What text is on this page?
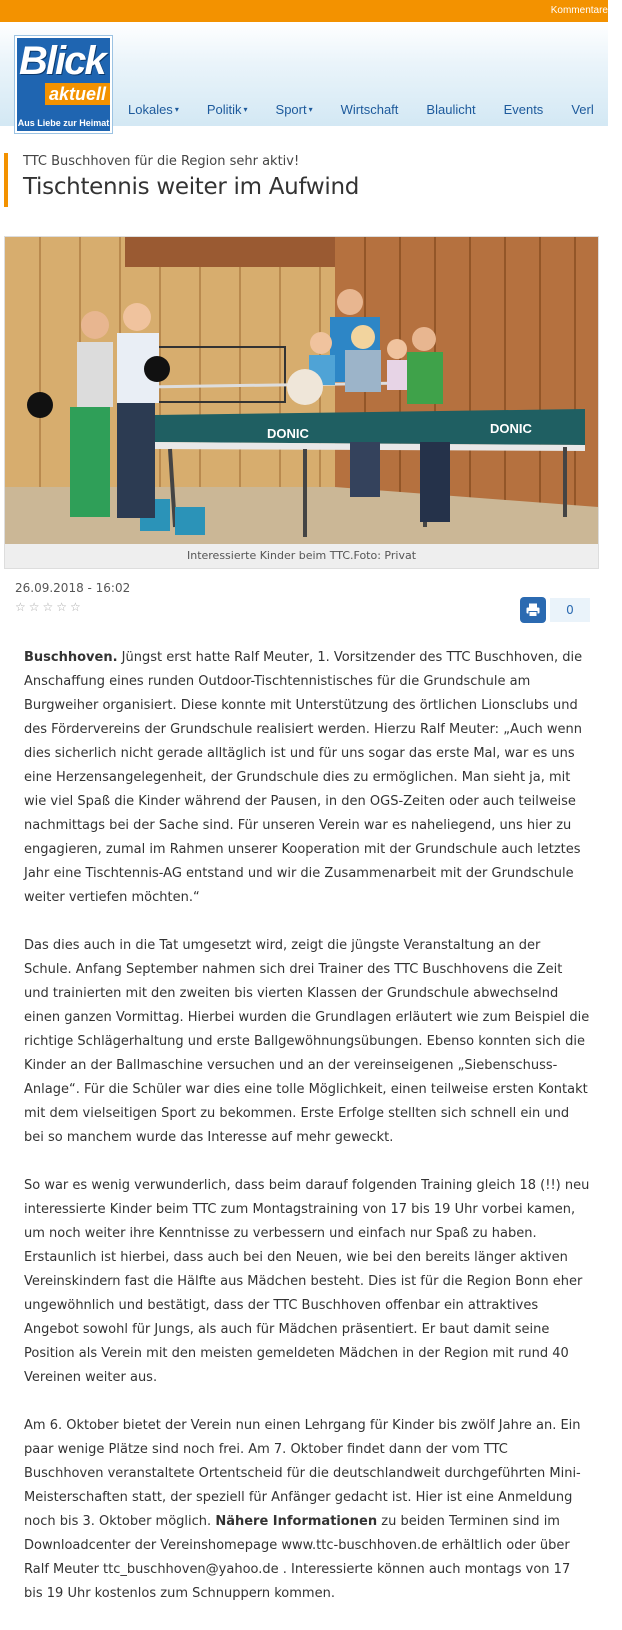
Kommentare
Blick
aktuell
Aus Liebe zur Heimat
Lokales ▾ Politik ▾ Sport ▾ Wirtschaft Blaulicht Events Verl
TTC Buschhoven für die Region sehr aktiv!
Tischtennis weiter im Aufwind
DONIC	DONIC
Interessierte Kinder beim TTC.Foto: Privat
26.09.2018 - 16:02
☆☆☆☆☆	0

Buschhoven. Jüngst erst hatte Ralf Meuter, 1. Vorsitzender des TTC Buschhoven, die Anschaffung eines runden Outdoor-Tischtennistisches für die Grundschule am Burgweiher organisiert. Diese konnte mit Unterstützung des örtlichen Lionsclubs und des Fördervereins der Grundschule realisiert werden. Hierzu Ralf Meuter: „Auch wenn dies sicherlich nicht gerade alltäglich ist und für uns sogar das erste Mal, war es uns eine Herzensangelegenheit, der Grundschule dies zu ermöglichen. Man sieht ja, mit wie viel Spaß die Kinder während der Pausen, in den OGS-Zeiten oder auch teilweise nachmittags bei der Sache sind. Für unseren Verein war es naheliegend, uns hier zu engagieren, zumal im Rahmen unserer Kooperation mit der Grundschule auch letztes Jahr eine Tischtennis-AG entstand und wir die Zusammenarbeit mit der Grundschule weiter vertiefen möchten.“

Das dies auch in die Tat umgesetzt wird, zeigt die jüngste Veranstaltung an der Schule. Anfang September nahmen sich drei Trainer des TTC Buschhovens die Zeit und trainierten mit den zweiten bis vierten Klassen der Grundschule abwechselnd einen ganzen Vormittag. Hierbei wurden die Grundlagen erläutert wie zum Beispiel die richtige Schlägerhaltung und erste Ballgewöhnungsübungen. Ebenso konnten sich die Kinder an der Ballmaschine versuchen und an der vereinseigenen „Siebenschuss-Anlage“. Für die Schüler war dies eine tolle Möglichkeit, einen teilweise ersten Kontakt mit dem vielseitigen Sport zu bekommen. Erste Erfolge stellten sich schnell ein und bei so manchem wurde das Interesse auf mehr geweckt.

So war es wenig verwunderlich, dass beim darauf folgenden Training gleich 18 (!!) neu interessierte Kinder beim TTC zum Montagstraining von 17 bis 19 Uhr vorbei kamen, um noch weiter ihre Kenntnisse zu verbessern und einfach nur Spaß zu haben. Erstaunlich ist hierbei, dass auch bei den Neuen, wie bei den bereits länger aktiven Vereinskindern fast die Hälfte aus Mädchen besteht. Dies ist für die Region Bonn eher ungewöhnlich und bestätigt, dass der TTC Buschhoven offenbar ein attraktives Angebot sowohl für Jungs, als auch für Mädchen präsentiert. Er baut damit seine Position als Verein mit den meisten gemeldeten Mädchen in der Region mit rund 40 Vereinen weiter aus.

Am 6. Oktober bietet der Verein nun einen Lehrgang für Kinder bis zwölf Jahre an. Ein paar wenige Plätze sind noch frei. Am 7. Oktober findet dann der vom TTC Buschhoven veranstaltete Ortentscheid für die deutschlandweit durchgeführten Mini-Meisterschaften statt, der speziell für Anfänger gedacht ist. Hier ist eine Anmeldung noch bis 3. Oktober möglich. Nähere Informationen zu beiden Terminen sind im Downloadcenter der Vereinshomepage www.ttc-buschhoven.de erhältlich oder über Ralf Meuter ttc_buschhoven@yahoo.de . Interessierte können auch montags von 17 bis 19 Uhr kostenlos zum Schnuppern kommen.
